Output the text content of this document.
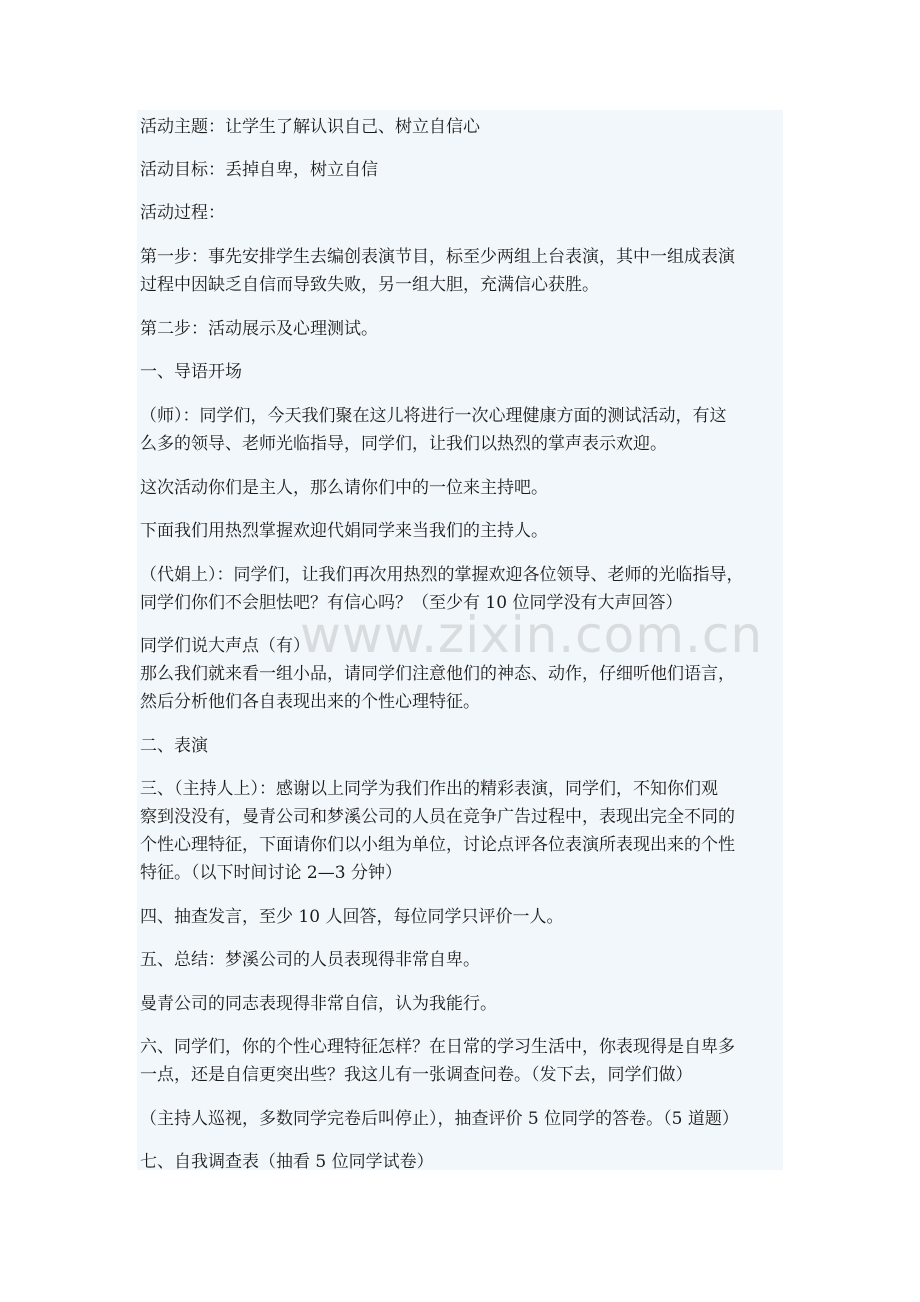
活动主题：让学生了解认识自己、树立自信心
活动目标：丢掉自卑，树立自信
活动过程：
第一步：事先安排学生去编创表演节目，标至少两组上台表演，其中一组成表演
过程中因缺乏自信而导致失败，另一组大胆，充满信心获胜。
第二步：活动展示及心理测试。
一、导语开场
（师）：同学们，今天我们聚在这儿将进行一次心理健康方面的测试活动，有这
么多的领导、老师光临指导，同学们，让我们以热烈的掌声表示欢迎。
这次活动你们是主人，那么请你们中的一位来主持吧。
下面我们用热烈掌握欢迎代娟同学来当我们的主持人。
（代娟上）：同学们，让我们再次用热烈的掌握欢迎各位领导、老师的光临指导，
同学们你们不会胆怯吧？有信心吗？（至少有 10 位同学没有大声回答）
同学们说大声点（有）
那么我们就来看一组小品，请同学们注意他们的神态、动作，仔细听他们语言，
然后分析他们各自表现出来的个性心理特征。
二、表演
三、（主持人上）：感谢以上同学为我们作出的精彩表演，同学们，不知你们观
察到没没有，曼青公司和梦溪公司的人员在竞争广告过程中，表现出完全不同的
个性心理特征，下面请你们以小组为单位，讨论点评各位表演所表现出来的个性
特征。（以下时间讨论 2—3 分钟）
四、抽查发言，至少 10 人回答，每位同学只评价一人。
五、总结：梦溪公司的人员表现得非常自卑。
曼青公司的同志表现得非常自信，认为我能行。
六、同学们，你的个性心理特征怎样？在日常的学习生活中，你表现得是自卑多
一点，还是自信更突出些？我这儿有一张调查问卷。（发下去，同学们做）
（主持人巡视，多数同学完卷后叫停止），抽查评价 5 位同学的答卷。（5 道题）
七、自我调查表（抽看 5 位同学试卷）
www.zixin.com.cn
